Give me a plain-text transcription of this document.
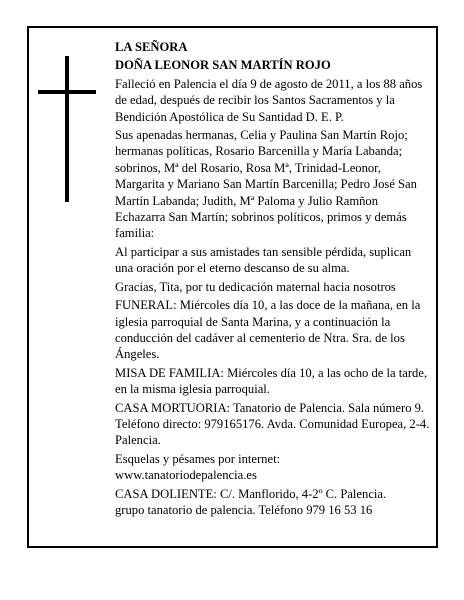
LA SEÑORA

DOÑA LEONOR SAN MARTÍN ROJO

Falleció en Palencia el día 9 de agosto de 2011, a los 88 años de edad, después de recibir los Santos Sacramentos y la Bendición Apostólica de Su Santidad D. E. P.

Sus apenadas hermanas, Celia y Paulina San Martín Rojo; hermanas políticas, Rosario Barcenilla y María Labanda; sobrinos, Mª del Rosario, Rosa Mª, Trinidad-Leonor, Margarita y Mariano San Martín Barcenilla; Pedro José San Martín Labanda; Judith, Mª Paloma y Julio Ramñon Echazarra San Martín; sobrinos políticos, primos y demás familia:

Al participar a sus amistades tan sensible pérdida, suplican una oración por el eterno descanso de su alma.

Gracias, Tita, por tu dedicación maternal hacia nosotros

FUNERAL: Miércoles día 10, a las doce de la mañana, en la iglesia parroquial de Santa Marina, y a continuación la conducción del cadáver al cementerio de Ntra. Sra. de los Ángeles.

MISA DE FAMILIA: Miércoles día 10, a las ocho de la tarde, en la misma iglesia parroquial.

CASA MORTUORIA: Tanatorio de Palencia. Sala número 9. Teléfono directo: 979165176. Avda. Comunidad Europea, 2-4. Palencia.

Esquelas y pésames por internet:

www.tanatoriodepalencia.es

CASA DOLIENTE: C/. Manflorido, 4-2º C. Palencia.

grupo tanatorio de palencia. Teléfono 979 16 53 16
